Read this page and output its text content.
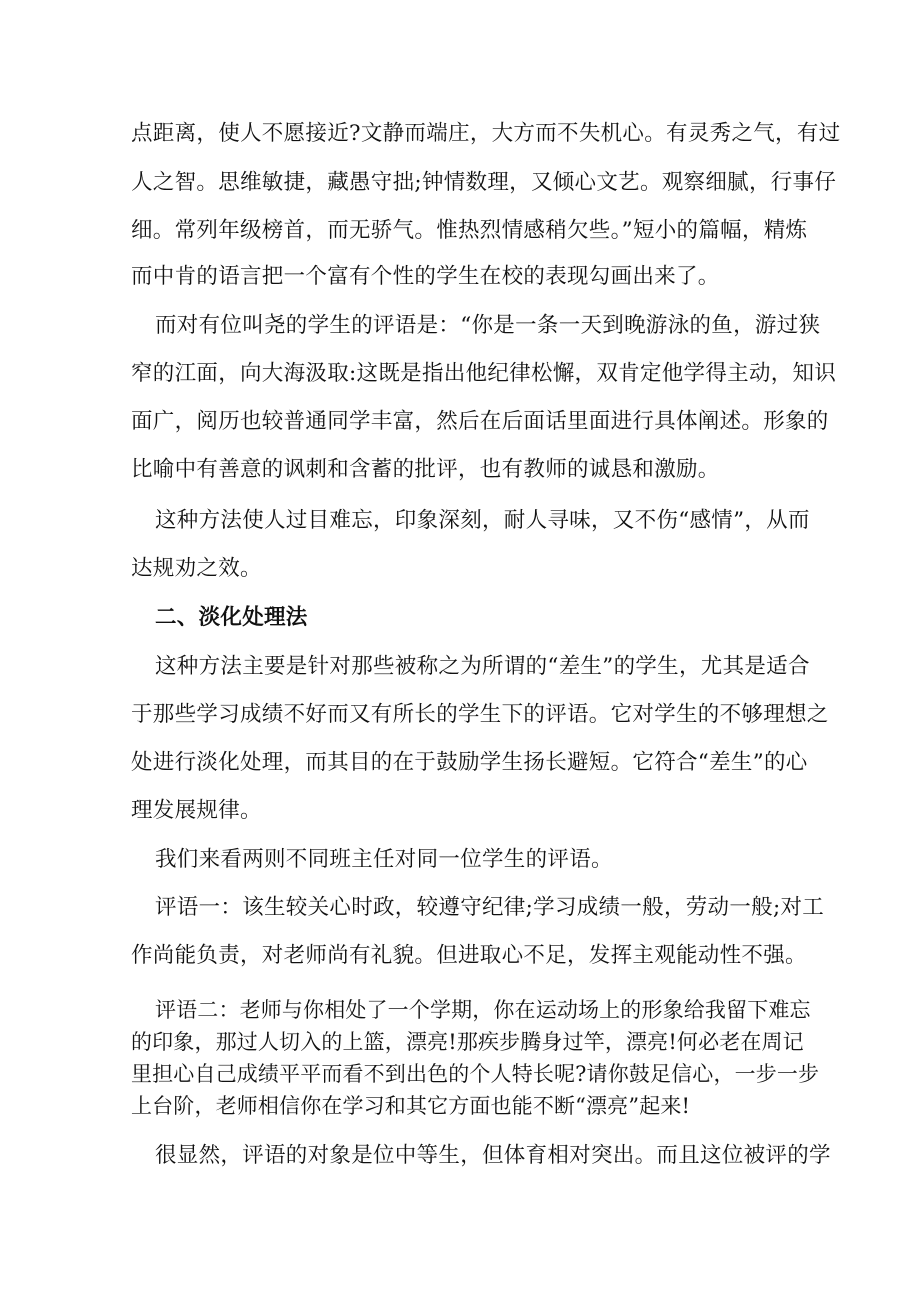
点距离，使人不愿接近?文静而端庄，大方而不失机心。有灵秀之气，有过
人之智。思维敏捷，藏愚守拙;钟情数理，又倾心文艺。观察细腻，行事仔
细。常列年级榜首，而无骄气。惟热烈情感稍欠些。”短小的篇幅，精炼
而中肯的语言把一个富有个性的学生在校的表现勾画出来了。
而对有位叫尧的学生的评语是：“你是一条一天到晚游泳的鱼，游过狭
窄的江面，向大海汲取:这既是指出他纪律松懈，双肯定他学得主动，知识
面广，阅历也较普通同学丰富，然后在后面话里面进行具体阐述。形象的
比喻中有善意的讽刺和含蓄的批评，也有教师的诚恳和激励。
这种方法使人过目难忘，印象深刻，耐人寻味，又不伤“感情”，从而
达规劝之效。
二、淡化处理法
这种方法主要是针对那些被称之为所谓的“差生”的学生，尤其是适合
于那些学习成绩不好而又有所长的学生下的评语。它对学生的不够理想之
处进行淡化处理，而其目的在于鼓励学生扬长避短。它符合“差生”的心
理发展规律。
我们来看两则不同班主任对同一位学生的评语。
评语一：该生较关心时政，较遵守纪律;学习成绩一般，劳动一般;对工
作尚能负责，对老师尚有礼貌。但进取心不足，发挥主观能动性不强。
评语二：老师与你相处了一个学期，你在运动场上的形象给我留下难忘
的印象，那过人切入的上篮，漂亮!那疾步腾身过竿，漂亮!何必老在周记
里担心自己成绩平平而看不到出色的个人特长呢?请你鼓足信心，一步一步
上台阶，老师相信你在学习和其它方面也能不断“漂亮”起来!
很显然，评语的对象是位中等生，但体育相对突出。而且这位被评的学
